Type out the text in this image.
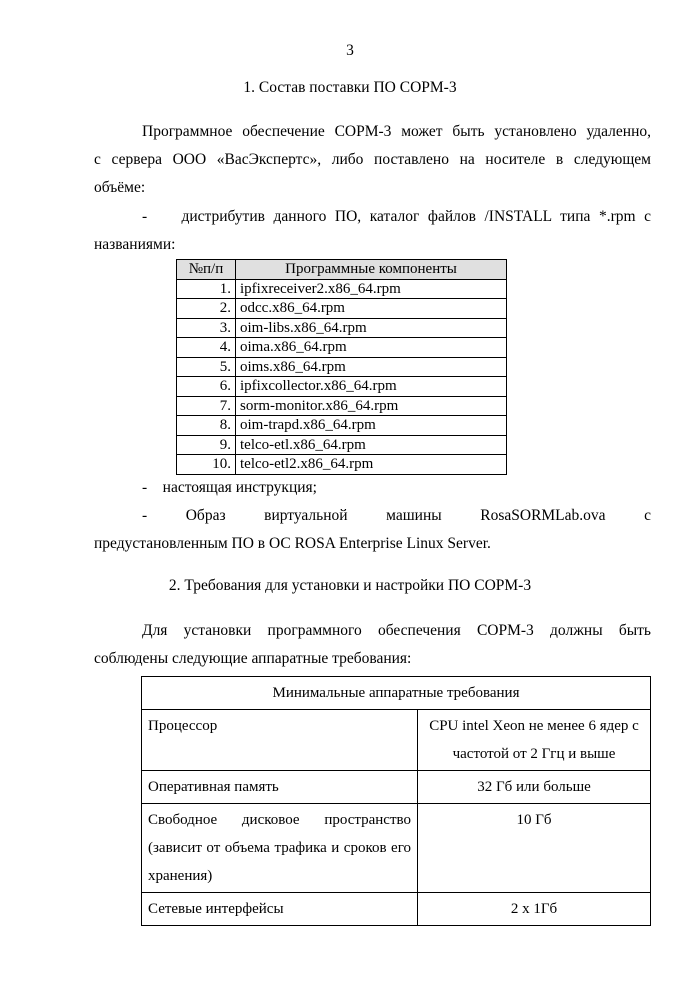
3
1. Состав поставки ПО СОРМ-3
Программное обеспечение СОРМ-3 может быть установлено удаленно,
с сервера ООО «ВасЭкспертс», либо поставлено на носителе в следующем
объёме:
-    дистрибутив данного ПО, каталог файлов /INSTALL типа *.rpm с
названиями:
№п/п	Программные компоненты
1.	ipfixreceiver2.x86_64.rpm
2.	odcc.x86_64.rpm
3.	oim-libs.x86_64.rpm
4.	oima.x86_64.rpm
5.	oims.x86_64.rpm
6.	ipfixcollector.x86_64.rpm
7.	sorm-monitor.x86_64.rpm
8.	oim-trapd.x86_64.rpm
9.	telco-etl.x86_64.rpm
10.	telco-etl2.x86_64.rpm
-    настоящая инструкция;
- Образ виртуальной машины RosaSORMLab.ova с
предустановленным ПО в ОС ROSA Enterprise Linux Server.
2. Требования для установки и настройки ПО СОРМ-3
Для установки программного обеспечения СОРМ-3 должны быть
соблюдены следующие аппаратные требования:
Минимальные аппаратные требования	
Процессор	CPU intel Xeon не менее 6 ядер с частотой от 2 Ггц и выше
Оперативная память	32 Гб или больше
Свободное дисковое пространство (зависит от объема трафика и сроков его хранения)	10 Гб
Сетевые интерфейсы	2 x 1Гб
